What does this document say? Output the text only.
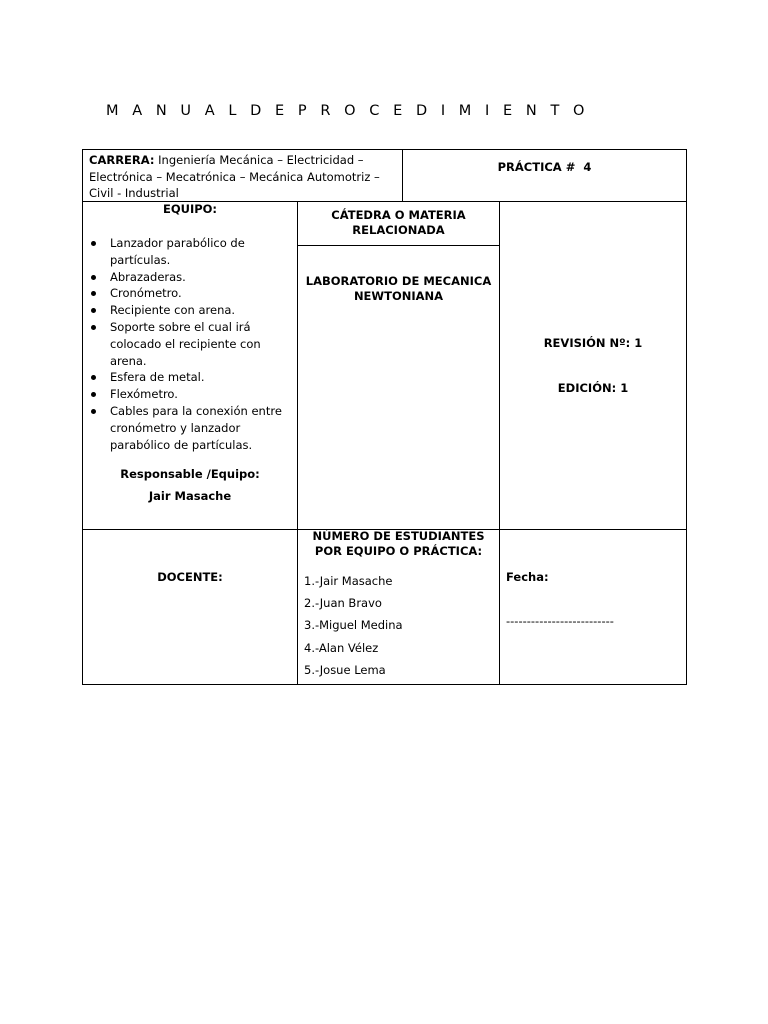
M A N U A L D E P R O C E D I M I E N T O
CARRERA: Ingeniería Mecánica – Electricidad –
Electrónica – Mecatrónica – Mecánica Automotriz –
Civil - Industrial
PRÁCTICA #  4
EQUIPO:
Lanzador parabólico de partículas.
Abrazaderas.
Cronómetro.
Recipiente con arena.
Soporte sobre el cual irá colocado el recipiente con arena.
Esfera de metal.
Flexómetro.
Cables para la conexión entre cronómetro y lanzador parabólico de partículas.
Responsable /Equipo:
Jair Masache
CÁTEDRA O MATERIA
RELACIONADA
LABORATORIO DE MECANICA
NEWTONIANA
REVISIÓN Nº: 1
EDICIÓN: 1
DOCENTE:
NÚMERO DE ESTUDIANTES
POR EQUIPO O PRÁCTICA:
1.-Jair Masache
2.-Juan Bravo
3.-Miguel Medina
4.-Alan Vélez
5.-Josue Lema
Fecha:
--------------------------
